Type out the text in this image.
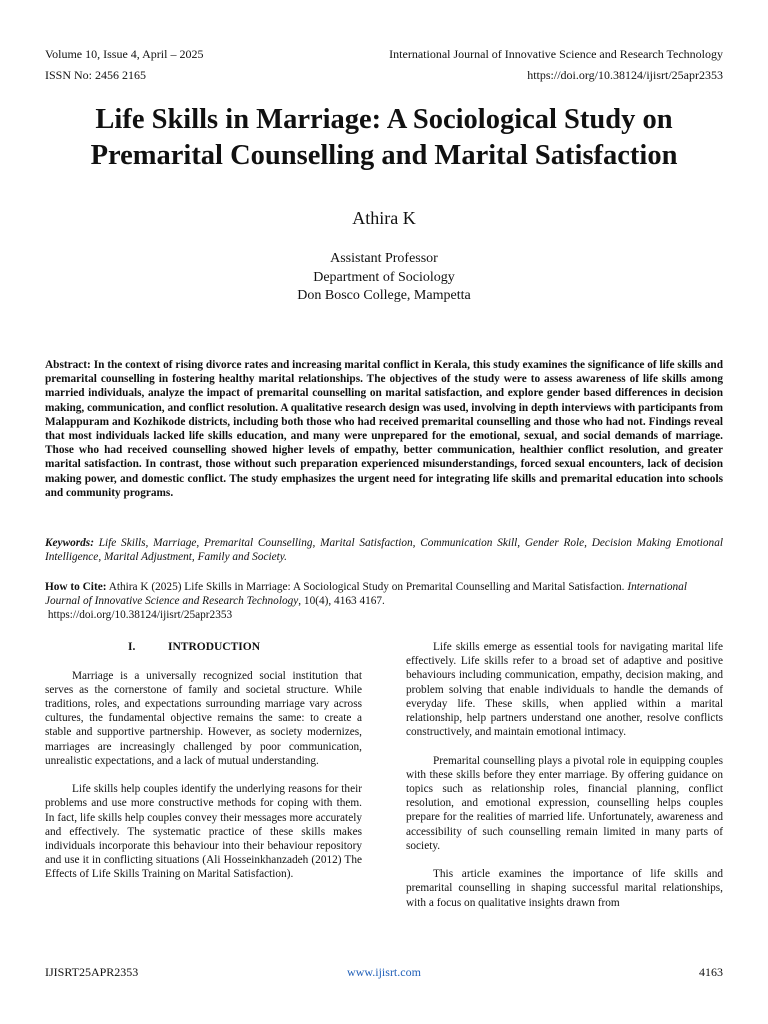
Volume 10, Issue 4, April – 2025
ISSN No: 2456 2165
International Journal of Innovative Science and Research Technology
https://doi.org/10.38124/ijisrt/25apr2353
Life Skills in Marriage: A Sociological Study on
Premarital Counselling and Marital Satisfaction
Athira K
Assistant Professor
Department of Sociology
Don Bosco College, Mampetta

Abstract: In the context of rising divorce rates and increasing marital conflict in Kerala, this study examines the significance of life skills and premarital counselling in fostering healthy marital relationships. The objectives of the study were to assess awareness of life skills among married individuals, analyze the impact of premarital counselling on marital satisfaction, and explore gender based differences in decision making, communication, and conflict resolution. A qualitative research design was used, involving in depth interviews with participants from Malappuram and Kozhikode districts, including both those who had received premarital counselling and those who had not. Findings reveal that most individuals lacked life skills education, and many were unprepared for the emotional, sexual, and social demands of marriage. Those who had received counselling showed higher levels of empathy, better communication, healthier conflict resolution, and greater marital satisfaction. In contrast, those without such preparation experienced misunderstandings, forced sexual encounters, lack of decision making power, and domestic conflict. The study emphasizes the urgent need for integrating life skills and premarital education into schools and community programs.

Keywords: Life Skills, Marriage, Premarital Counselling, Marital Satisfaction, Communication Skill, Gender Role, Decision Making Emotional Intelligence, Marital Adjustment, Family and Society.

How to Cite: Athira K (2025) Life Skills in Marriage: A Sociological Study on Premarital Counselling and Marital Satisfaction. International Journal of Innovative Science and Research Technology, 10(4), 4163 4167.
https://doi.org/10.38124/ijisrt/25apr2353

I.	INTRODUCTION

Marriage is a universally recognized social institution that serves as the cornerstone of family and societal structure. While traditions, roles, and expectations surrounding marriage vary across cultures, the fundamental objective remains the same: to create a stable and supportive partnership. However, as society modernizes, marriages are increasingly challenged by poor communication, unrealistic expectations, and a lack of mutual understanding.

Life skills help couples identify the underlying reasons for their problems and use more constructive methods for coping with them. In fact, life skills help couples convey their messages more accurately and effectively. The systematic practice of these skills makes individuals incorporate this behaviour into their behaviour repository and use it in conflicting situations (Ali Hosseinkhanzadeh (2012) The Effects of Life Skills Training on Marital Satisfaction).

Life skills emerge as essential tools for navigating marital life effectively. Life skills refer to a broad set of adaptive and positive behaviours including communication, empathy, decision making, and problem solving that enable individuals to handle the demands of everyday life. These skills, when applied within a marital relationship, help partners understand one another, resolve conflicts constructively, and maintain emotional intimacy.

Premarital counselling plays a pivotal role in equipping couples with these skills before they enter marriage. By offering guidance on topics such as relationship roles, financial planning, conflict resolution, and emotional expression, counselling helps couples prepare for the realities of married life. Unfortunately, awareness and accessibility of such counselling remain limited in many parts of society.

This article examines the importance of life skills and premarital counselling in shaping successful marital relationships, with a focus on qualitative insights drawn from

IJISRT25APR2353	www.ijisrt.com	4163
